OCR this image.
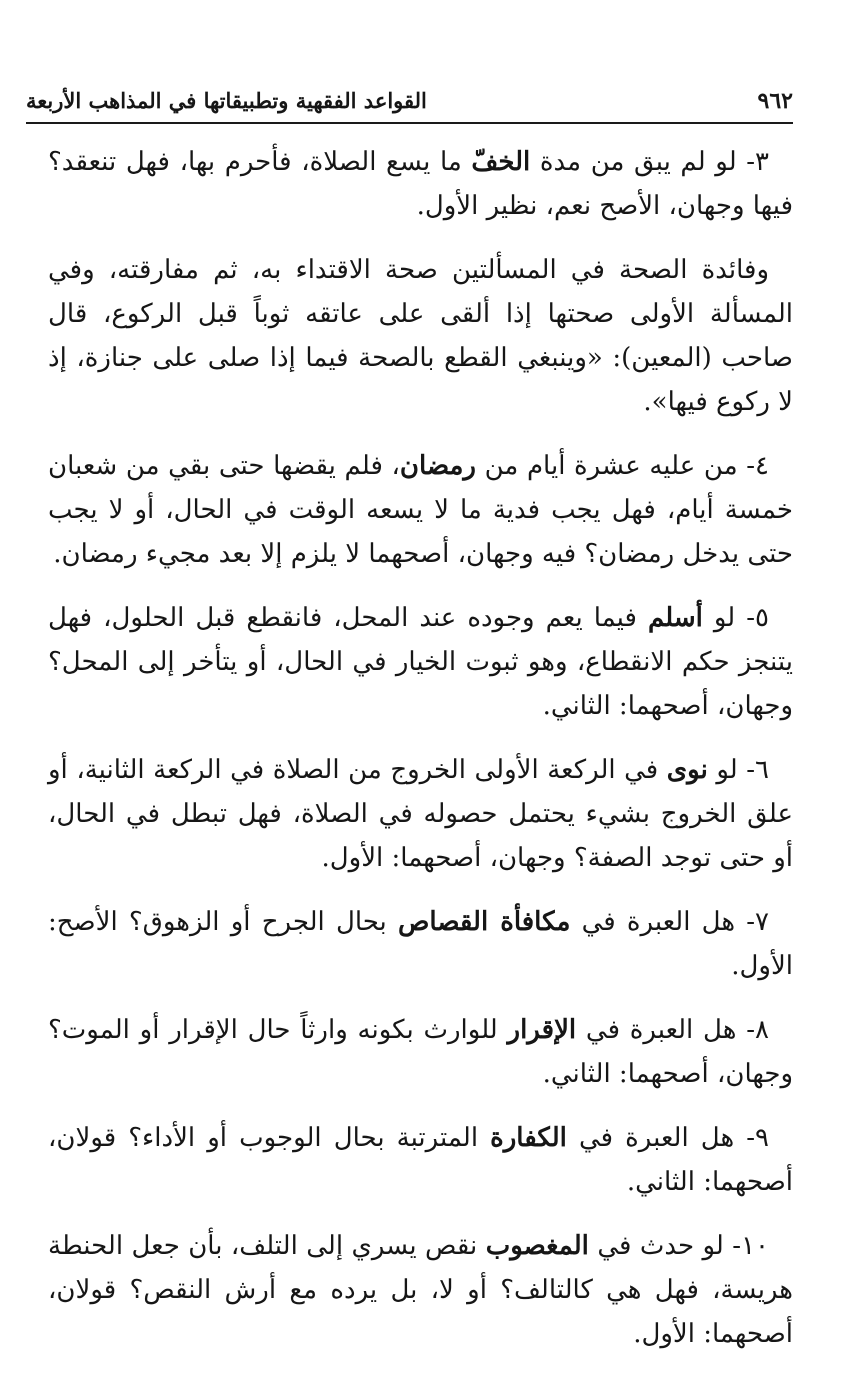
٩٦٢
القواعد الفقهية وتطبيقاتها في المذاهب الأربعة

٣- لو لم يبق من مدة الخفّ ما يسع الصلاة، فأحرم بها، فهل تنعقد؟ فيها وجهان، الأصح نعم، نظير الأول.

وفائدة الصحة في المسألتين صحة الاقتداء به، ثم مفارقته، وفي المسألة الأولى صحتها إذا ألقى على عاتقه ثوباً قبل الركوع، قال صاحب (المعين): «وينبغي القطع بالصحة فيما إذا صلى على جنازة، إذ لا ركوع فيها».

٤- من عليه عشرة أيام من رمضان، فلم يقضها حتى بقي من شعبان خمسة أيام، فهل يجب فدية ما لا يسعه الوقت في الحال، أو لا يجب حتى يدخل رمضان؟ فيه وجهان، أصحهما لا يلزم إلا بعد مجيء رمضان.

٥- لو أسلم فيما يعم وجوده عند المحل، فانقطع قبل الحلول، فهل يتنجز حكم الانقطاع، وهو ثبوت الخيار في الحال، أو يتأخر إلى المحل؟ وجهان، أصحهما: الثاني.

٦- لو نوى في الركعة الأولى الخروج من الصلاة في الركعة الثانية، أو علق الخروج بشيء يحتمل حصوله في الصلاة، فهل تبطل في الحال، أو حتى توجد الصفة؟ وجهان، أصحهما: الأول.

٧- هل العبرة في مكافأة القصاص بحال الجرح أو الزهوق؟ الأصح: الأول.

٨- هل العبرة في الإقرار للوارث بكونه وارثاً حال الإقرار أو الموت؟ وجهان، أصحهما: الثاني.

٩- هل العبرة في الكفارة المترتبة بحال الوجوب أو الأداء؟ قولان، أصحهما: الثاني.

١٠- لو حدث في المغصوب نقص يسري إلى التلف، بأن جعل الحنطة هريسة، فهل هي كالتالف؟ أو لا، بل يرده مع أرش النقص؟ قولان، أصحهما: الأول.
